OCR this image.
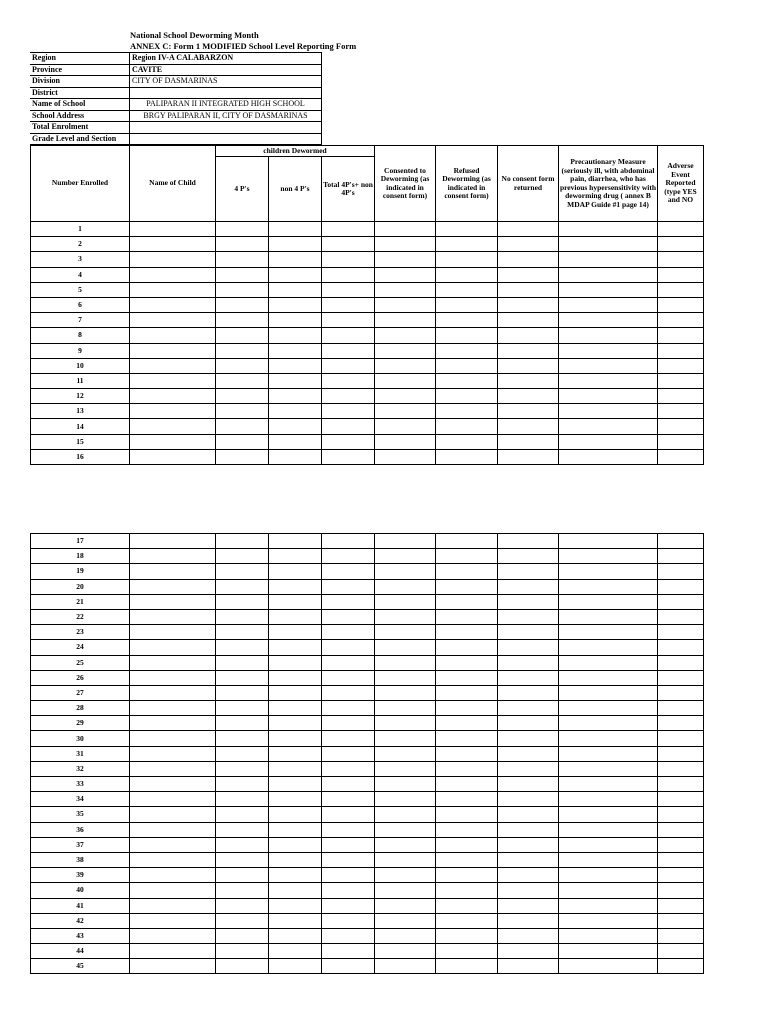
National School Deworming Month
ANNEX C: Form 1 MODIFIED School Level Reporting Form
Region	Region IV-A CALABARZON
Province	CAVITE
Division	CITY OF DASMARINAS
District	
Name of School	PALIPARAN II INTEGRATED HIGH SCHOOL
School Address	BRGY PALIPARAN II, CITY OF DASMARINAS
Total Enrolment	
Grade Level and Section	
Number Enrolled	Name of Child	children Dewormed			Consented to Deworming (as indicated in consent form)	Refused Deworming (as indicated in consent form)	No consent form returned	Precautionary Measure (seriously ill, with abdominal pain, diarrhea, who has previous hypersensitivity with deworming drug ( annex B MDAP Guide #1 page 14)	Adverse Event Reported (type YES and NO
		4 P's	non 4 P's	Total 4P's+ non 4P's					
1									
2									
3									
4									
5									
6									
7									
8									
9									
10									
11									
12									
13									
14									
15									
16									
17									
18									
19									
20									
21									
22									
23									
24									
25									
26									
27									
28									
29									
30									
31									
32									
33									
34									
35									
36									
37									
38									
39									
40									
41									
42									
43									
44									
45									
